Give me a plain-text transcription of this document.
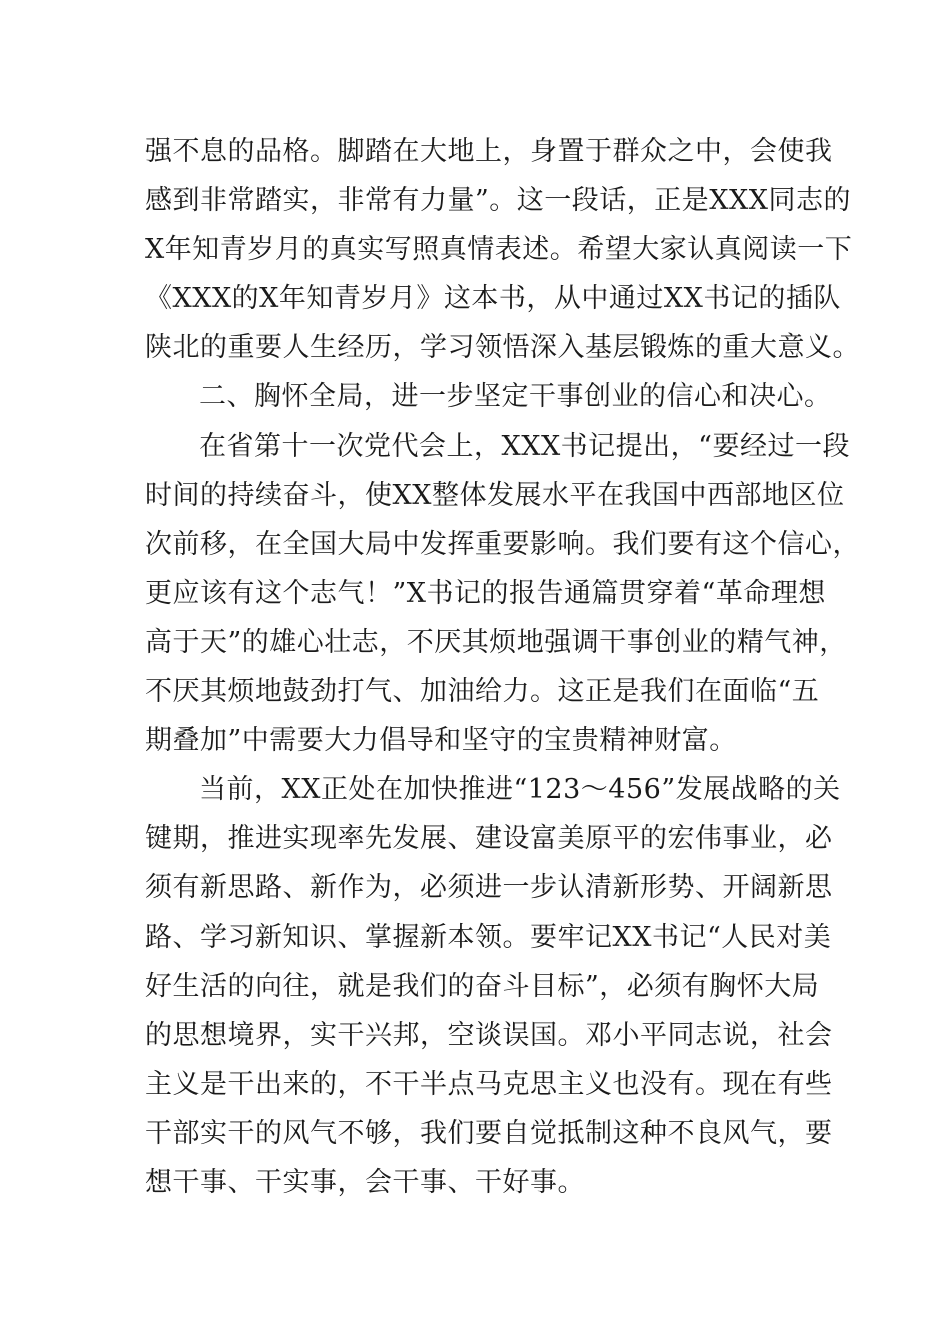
强不息的品格。脚踏在大地上，身置于群众之中，会使我
感到非常踏实，非常有力量”。这一段话，正是XXX同志的
X年知青岁月的真实写照真情表述。希望大家认真阅读一下
《XXX的X年知青岁月》这本书，从中通过XX书记的插队
陕北的重要人生经历，学习领悟深入基层锻炼的重大意义。
二、胸怀全局，进一步坚定干事创业的信心和决心。
在省第十一次党代会上，XXX书记提出，“要经过一段
时间的持续奋斗，使XX整体发展水平在我国中西部地区位
次前移，在全国大局中发挥重要影响。我们要有这个信心，
更应该有这个志气！”X书记的报告通篇贯穿着“革命理想
高于天”的雄心壮志，不厌其烦地强调干事创业的精气神，
不厌其烦地鼓劲打气、加油给力。这正是我们在面临“五
期叠加”中需要大力倡导和坚守的宝贵精神财富。
当前，XX正处在加快推进“123～456”发展战略的关
键期，推进实现率先发展、建设富美原平的宏伟事业，必
须有新思路、新作为，必须进一步认清新形势、开阔新思
路、学习新知识、掌握新本领。要牢记XX书记“人民对美
好生活的向往，就是我们的奋斗目标”，必须有胸怀大局
的思想境界，实干兴邦，空谈误国。邓小平同志说，社会
主义是干出来的，不干半点马克思主义也没有。现在有些
干部实干的风气不够，我们要自觉抵制这种不良风气，要
想干事、干实事，会干事、干好事。
